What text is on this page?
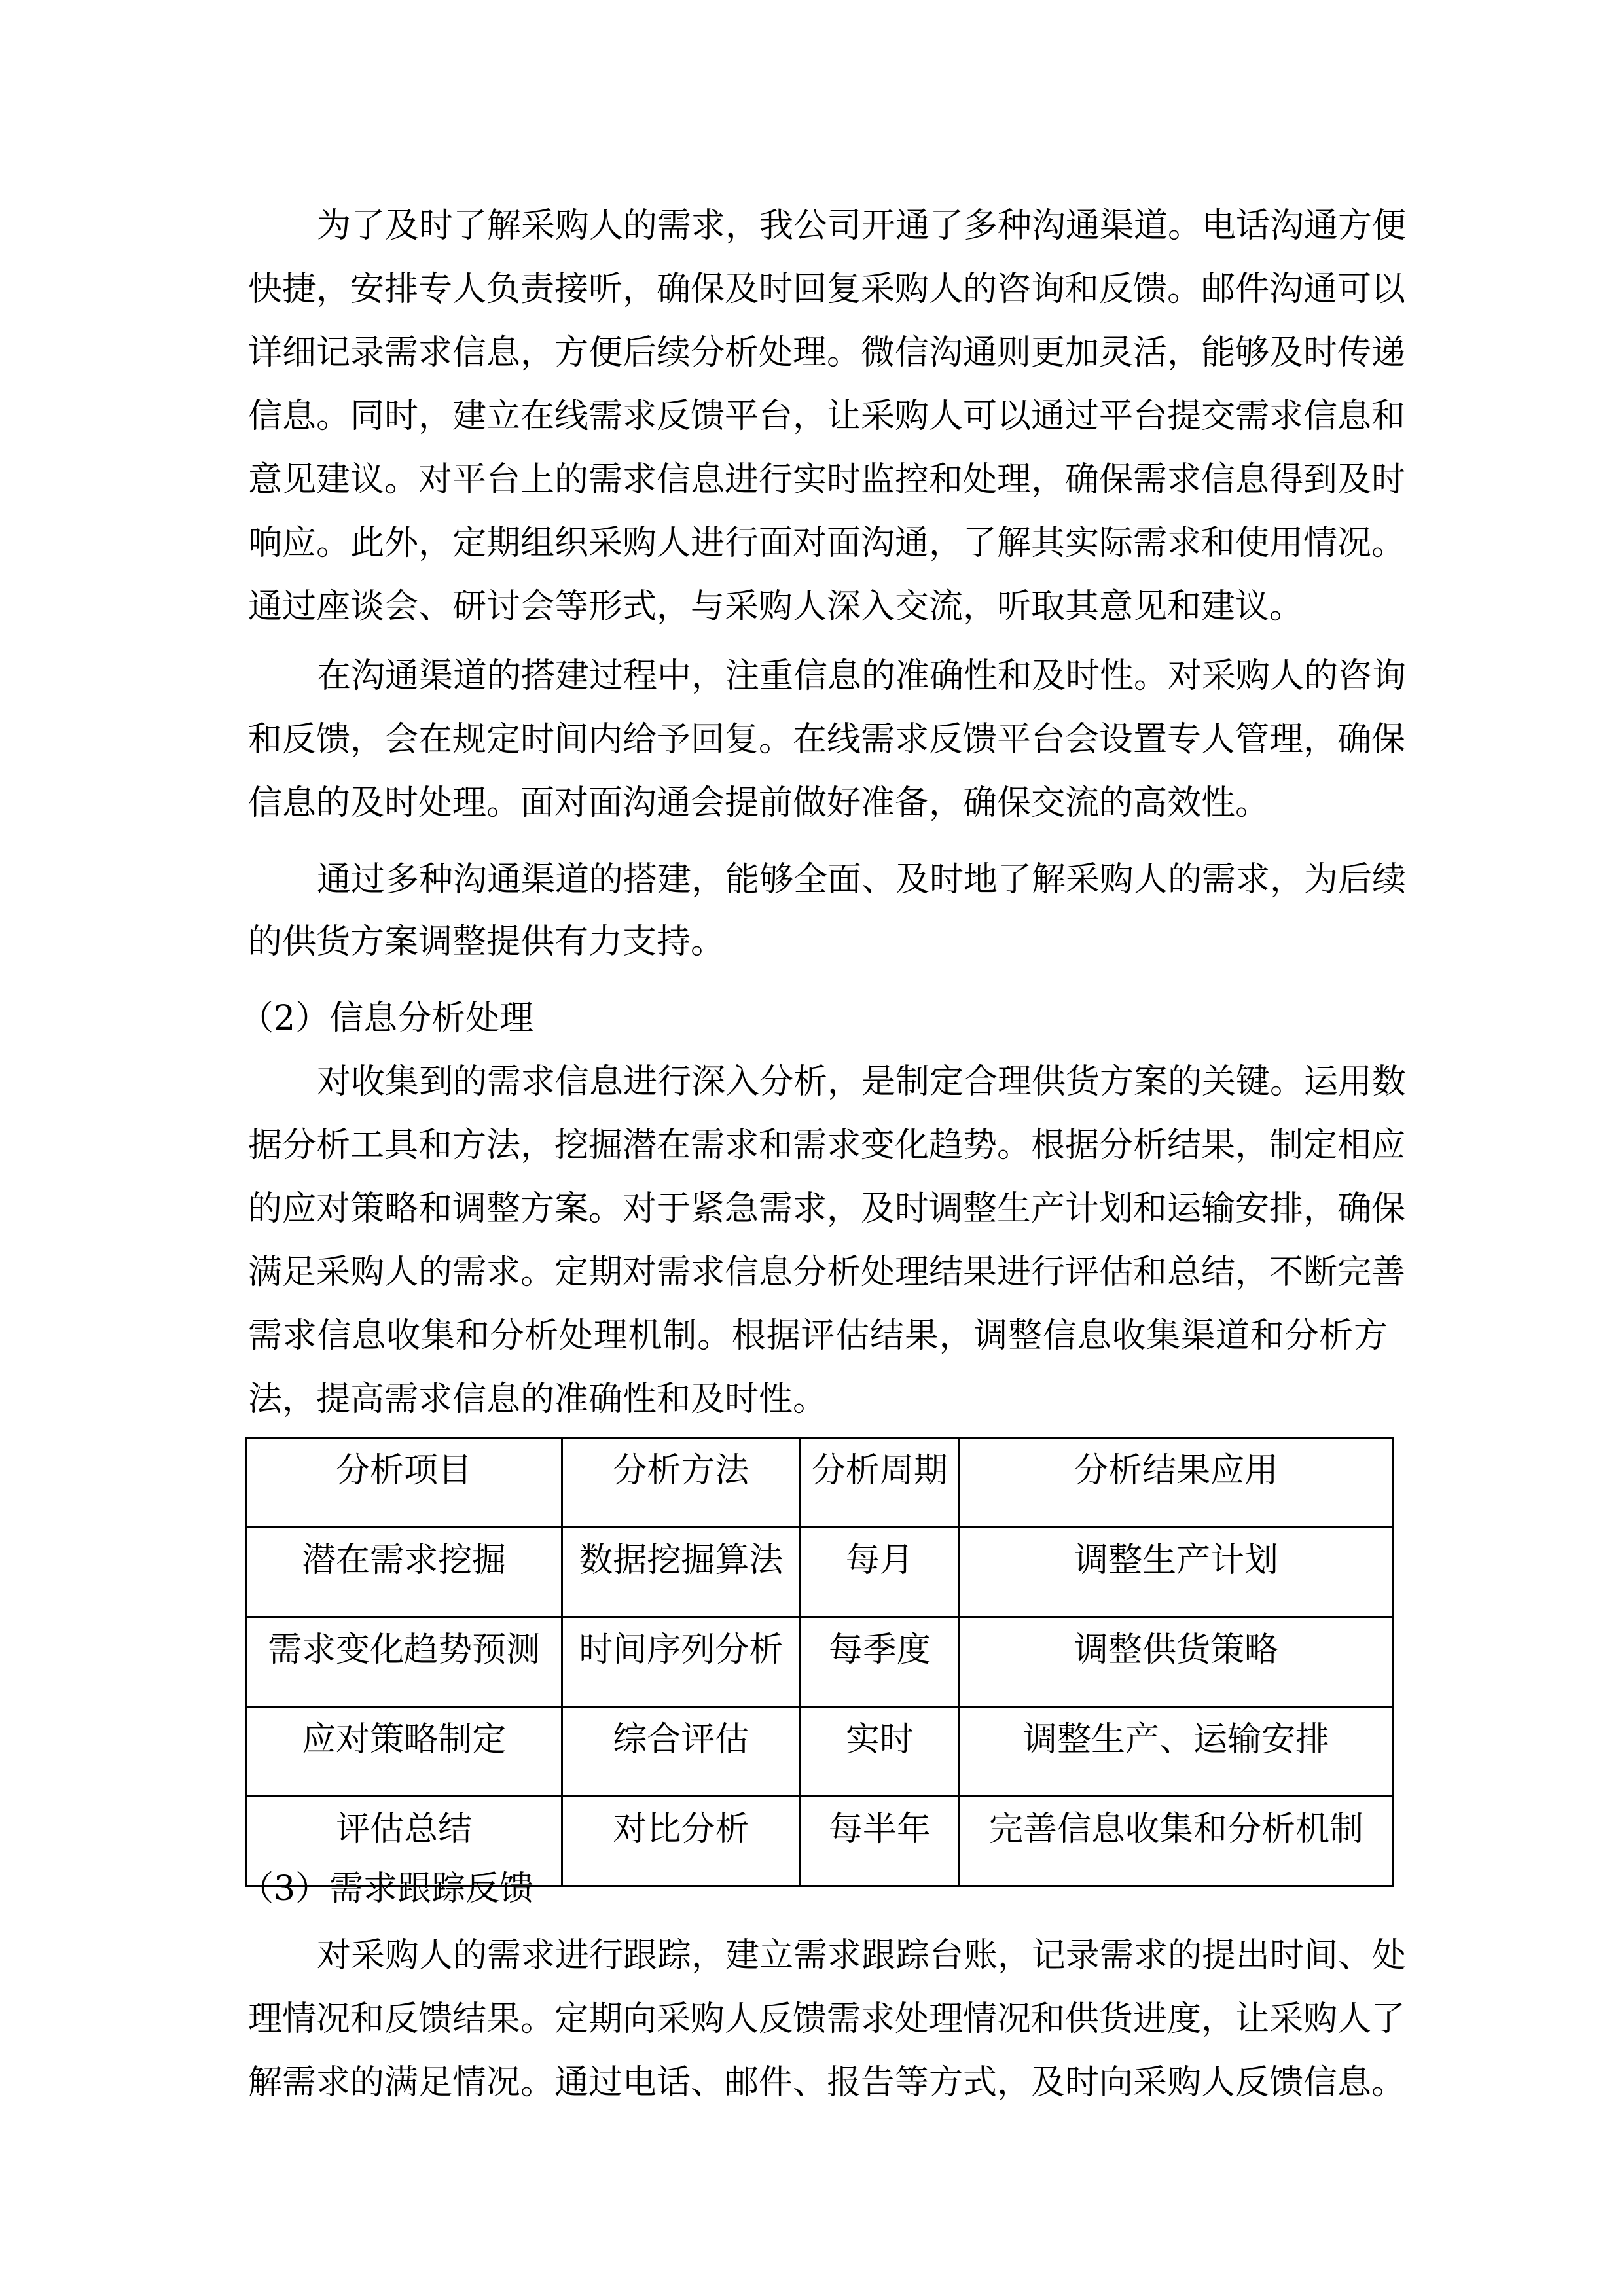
为了及时了解采购人的需求，我公司开通了多种沟通渠道。电话沟通方便
快捷，安排专人负责接听，确保及时回复采购人的咨询和反馈。邮件沟通可以
详细记录需求信息，方便后续分析处理。微信沟通则更加灵活，能够及时传递
信息。同时，建立在线需求反馈平台，让采购人可以通过平台提交需求信息和
意见建议。对平台上的需求信息进行实时监控和处理，确保需求信息得到及时
响应。此外，定期组织采购人进行面对面沟通，了解其实际需求和使用情况。
通过座谈会、研讨会等形式，与采购人深入交流，听取其意见和建议。
在沟通渠道的搭建过程中，注重信息的准确性和及时性。对采购人的咨询
和反馈，会在规定时间内给予回复。在线需求反馈平台会设置专人管理，确保
信息的及时处理。面对面沟通会提前做好准备，确保交流的高效性。
通过多种沟通渠道的搭建，能够全面、及时地了解采购人的需求，为后续
的供货方案调整提供有力支持。
对收集到的需求信息进行深入分析，是制定合理供货方案的关键。运用数
据分析工具和方法，挖掘潜在需求和需求变化趋势。根据分析结果，制定相应
的应对策略和调整方案。对于紧急需求，及时调整生产计划和运输安排，确保
满足采购人的需求。定期对需求信息分析处理结果进行评估和总结，不断完善
需求信息收集和分析处理机制。根据评估结果，调整信息收集渠道和分析方
法，提高需求信息的准确性和及时性。
对采购人的需求进行跟踪，建立需求跟踪台账，记录需求的提出时间、处
理情况和反馈结果。定期向采购人反馈需求处理情况和供货进度，让采购人了
解需求的满足情况。通过电话、邮件、报告等方式，及时向采购人反馈信息。
（2）信息分析处理
（3）需求跟踪反馈
分析项目	分析方法	分析周期	分析结果应用
潜在需求挖掘	数据挖掘算法	每月	调整生产计划
需求变化趋势预测	时间序列分析	每季度	调整供货策略
应对策略制定	综合评估	实时	调整生产、运输安排
评估总结	对比分析	每半年	完善信息收集和分析机制
